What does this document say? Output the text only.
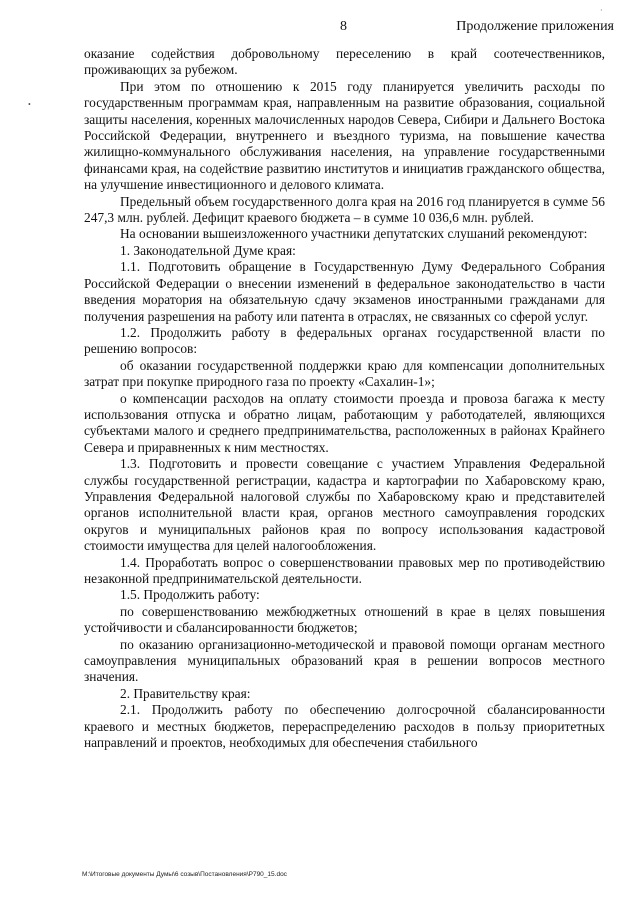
8	Продолжение приложения

оказание содействия добровольному переселению в край соотечественников, проживающих за рубежом.

При этом по отношению к 2015 году планируется увеличить расходы по государственным программам края, направленным на развитие образования, социальной защиты населения, коренных малочисленных народов Севера, Сибири и Дальнего Востока Российской Федерации, внутреннего и въездного туризма, на повышение качества жилищно-коммунального обслуживания населения, на управление государственными финансами края, на содействие развитию институтов и инициатив гражданского общества, на улучшение инвестиционного и делового климата.

Предельный объем государственного долга края на 2016 год планируется в сумме 56 247,3 млн. рублей. Дефицит краевого бюджета – в сумме 10 036,6 млн. рублей.

На основании вышеизложенного участники депутатских слушаний рекомендуют:

1. Законодательной Думе края:

1.1. Подготовить обращение в Государственную Думу Федерального Собрания Российской Федерации о внесении изменений в федеральное законодательство в части введения моратория на обязательную сдачу экзаменов иностранными гражданами для получения разрешения на работу или патента в отраслях, не связанных со сферой услуг.

1.2. Продолжить работу в федеральных органах государственной власти по решению вопросов:

об оказании государственной поддержки краю для компенсации дополнительных затрат при покупке природного газа по проекту «Сахалин-1»;

о компенсации расходов на оплату стоимости проезда и провоза багажа к месту использования отпуска и обратно лицам, работающим у работодателей, являющихся субъектами малого и среднего предпринимательства, расположенных в районах Крайнего Севера и приравненных к ним местностях.

1.3. Подготовить и провести совещание с участием Управления Федеральной службы государственной регистрации, кадастра и картографии по Хабаровскому краю, Управления Федеральной налоговой службы по Хабаровскому краю и представителей органов исполнительной власти края, органов местного самоуправления городских округов и муниципальных районов края по вопросу использования кадастровой стоимости имущества для целей налогообложения.

1.4. Проработать вопрос о совершенствовании правовых мер по противодействию незаконной предпринимательской деятельности.

1.5. Продолжить работу:

по совершенствованию межбюджетных отношений в крае в целях повышения устойчивости и сбалансированности бюджетов;

по оказанию организационно-методической и правовой помощи органам местного самоуправления муниципальных образований края в решении вопросов местного значения.

2. Правительству края:

2.1. Продолжить работу по обеспечению долгосрочной сбалансированности краевого и местных бюджетов, перераспределению расходов в пользу приоритетных направлений и проектов, необходимых для обеспечения стабильного

M:\Итоговые документы Думы\6 созыв\Постановления\Р790_15.doc
•
·
